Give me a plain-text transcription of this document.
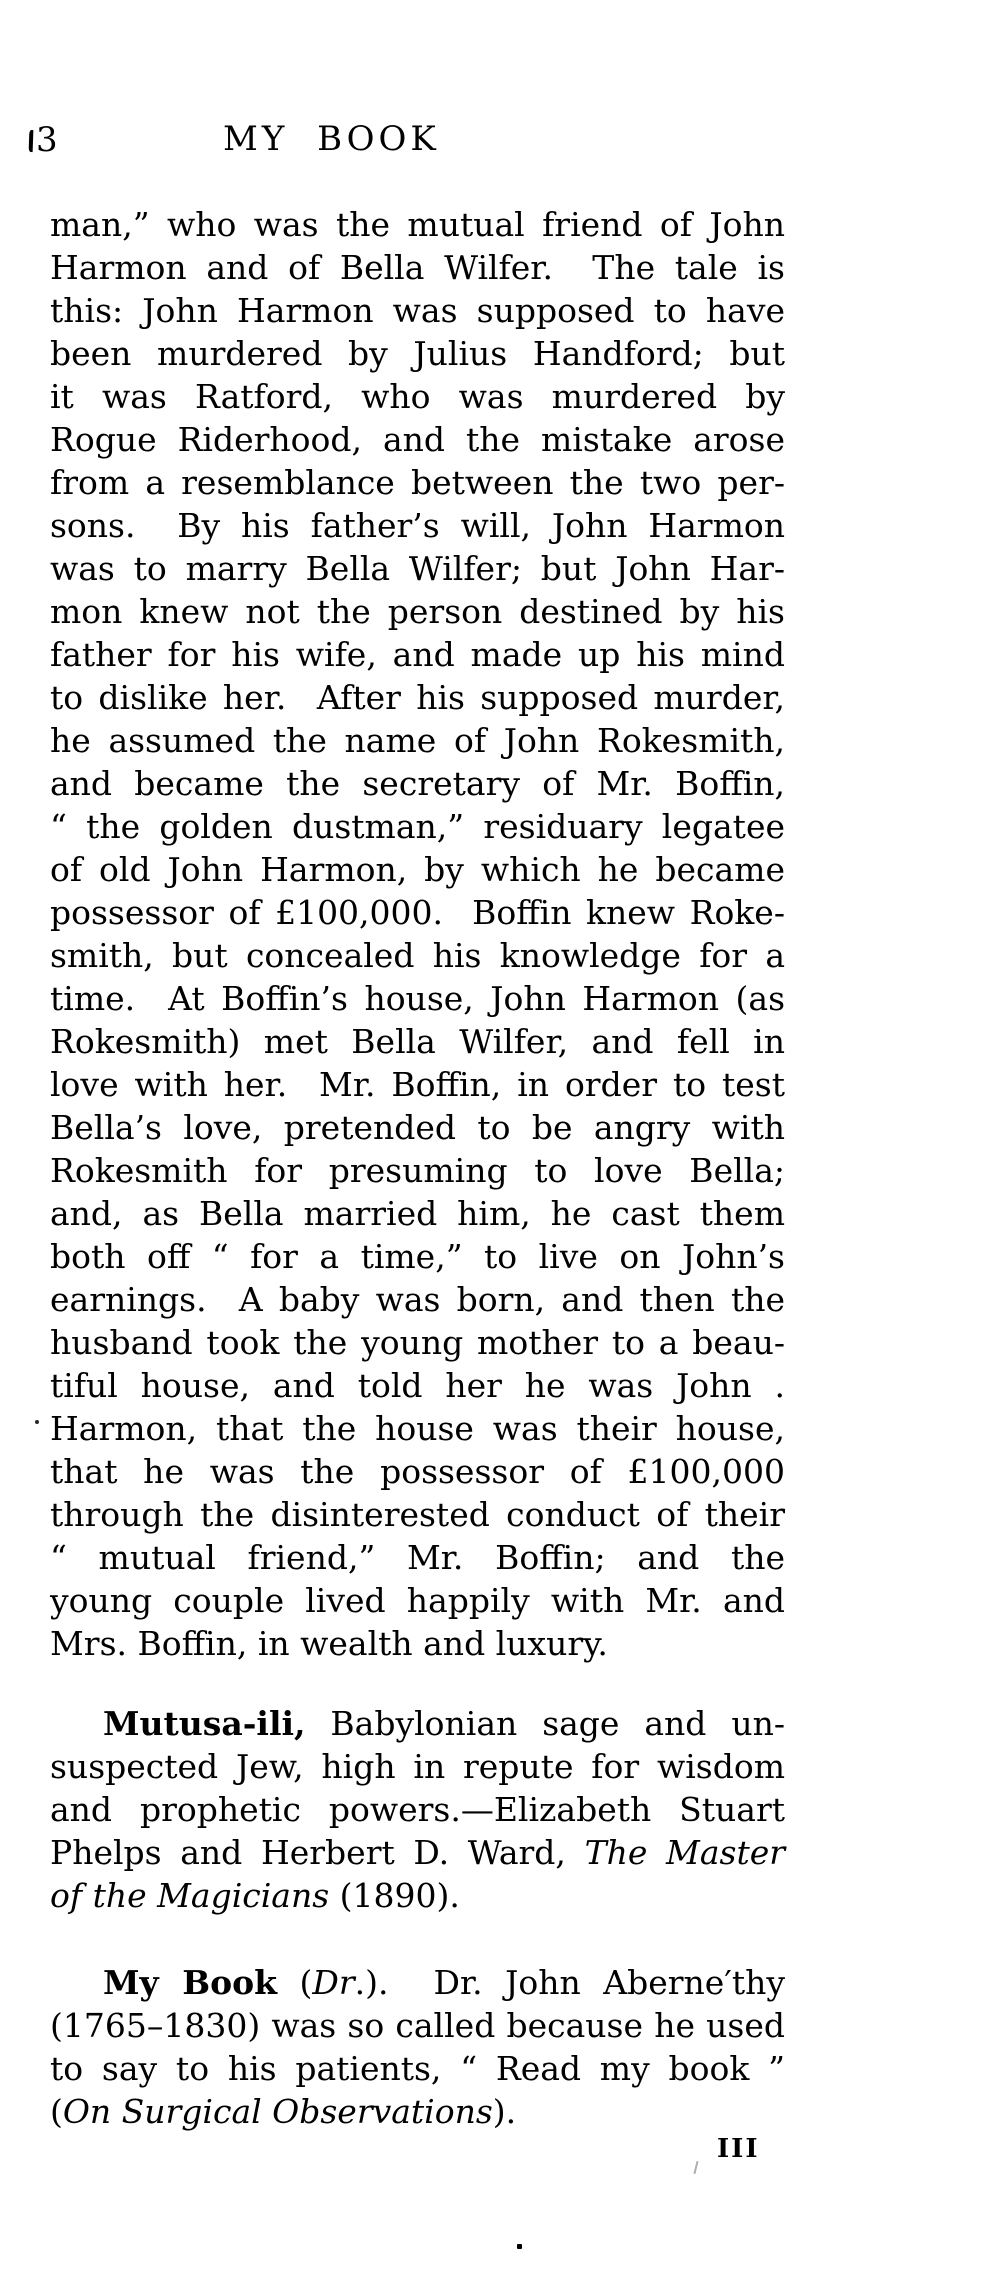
3	MY BOOK
man,” who was the mutual friend of John
Harmon and of Bella Wilfer.  The tale is
this: John Harmon was supposed to have
been murdered by Julius Handford; but
it was Ratford, who was murdered by
Rogue Riderhood, and the mistake arose
from a resemblance between the two per-
sons.  By his father’s will, John Harmon
was to marry Bella Wilfer; but John Har-
mon knew not the person destined by his
father for his wife, and made up his mind
to dislike her.  After his supposed murder,
he assumed the name of John Rokesmith,
and became the secretary of Mr. Boffin,
“ the golden dustman,” residuary legatee
of old John Harmon, by which he became
possessor of £100,000.  Boffin knew Roke-
smith, but concealed his knowledge for a
time.  At Boffin’s house, John Harmon (as
Rokesmith) met Bella Wilfer, and fell in
love with her.  Mr. Boffin, in order to test
Bella’s love, pretended to be angry with
Rokesmith for presuming to love Bella;
and, as Bella married him, he cast them
both off “ for a time,” to live on John’s
earnings.  A baby was born, and then the
husband took the young mother to a beau-
tiful house, and told her he was John .
Harmon, that the house was their house,
that he was the possessor of £100,000
through the disinterested conduct of their
“ mutual friend,” Mr. Boffin; and the
young couple lived happily with Mr. and
Mrs. Boffin, in wealth and luxury.
Mutusa-ili, Babylonian sage and un-
suspected Jew, high in repute for wisdom
and prophetic powers.—Elizabeth Stuart
Phelps and Herbert D. Ward, The Master
of the Magicians (1890).
My Book (Dr.).  Dr. John Aberne′thy
(1765–1830) was so called because he used
to say to his patients, “ Read my book ”
(On Surgical Observations).
III
